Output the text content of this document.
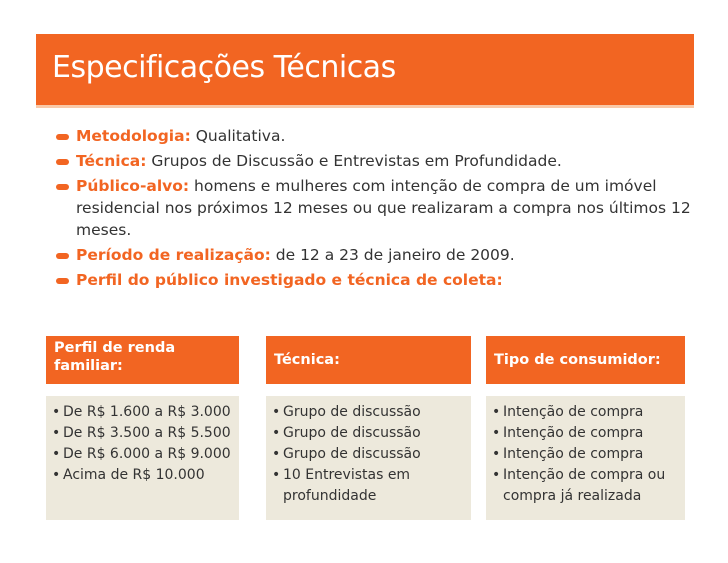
Especificações Técnicas
Metodologia: Qualitativa.
Técnica: Grupos de Discussão e Entrevistas em Profundidade.
Público-alvo: homens e mulheres com intenção de compra de um imóvel residencial nos próximos 12 meses ou que realizaram a compra nos últimos 12 meses.
Período de realização: de 12 a 23 de janeiro de 2009.
Perfil do público investigado e técnica de coleta:
Perfil de renda familiar:	Técnica:	Tipo de consumidor:
• De R$ 1.600 a R$ 3.000
• De R$ 3.500 a R$ 5.500
• De R$ 6.000 a R$ 9.000
• Acima de R$ 10.000
• Grupo de discussão
• Grupo de discussão
• Grupo de discussão
• 10 Entrevistas em profundidade
• Intenção de compra
• Intenção de compra
• Intenção de compra
• Intenção de compra ou compra já realizada
